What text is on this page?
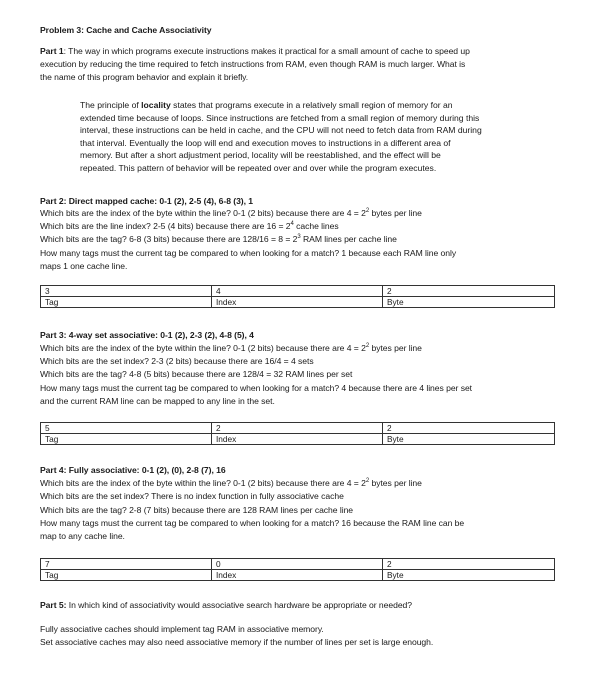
Problem 3: Cache and Cache Associativity
Part 1: The way in which programs execute instructions makes it practical for a small amount of cache to speed up
execution by reducing the time required to fetch instructions from RAM, even though RAM is much larger. What is
the name of this program behavior and explain it briefly.
The principle of locality states that programs execute in a relatively small region of memory for an
extended time because of loops. Since instructions are fetched from a small region of memory during this
interval, these instructions can be held in cache, and the CPU will not need to fetch data from RAM during
that interval. Eventually the loop will end and execution moves to instructions in a different area of
memory. But after a short adjustment period, locality will be reestablished, and the effect will be
repeated. This pattern of behavior will be repeated over and over while the program executes.
Part 2: Direct mapped cache: 0-1 (2), 2-5 (4), 6-8 (3), 1
Which bits are the index of the byte within the line? 0-1 (2 bits) because there are $4 = 2^2$ bytes per line
Which bits are the line index? 2-5 (4 bits) because there are $16 = 2^4$ cache lines
Which bits are the tag? 6-8 (3 bits) because there are $128/16 = 8 = 2^3$ RAM lines per cache line
How many tags must the current tag be compared to when looking for a match? 1 because each RAM line only
maps 1 one cache line.
3	4	2
Tag	Index	Byte
Part 3: 4-way set associative: 0-1 (2), 2-3 (2), 4-8 (5), 4
Which bits are the index of the byte within the line? 0-1 (2 bits) because there are $4 = 2^2$ bytes per line
Which bits are the set index? 2-3 (2 bits) because there are 16/4 = 4 sets
Which bits are the tag? 4-8 (5 bits) because there are 128/4 = 32 RAM lines per set
How many tags must the current tag be compared to when looking for a match? 4 because there are 4 lines per set
and the current RAM line can be mapped to any line in the set.
5	2	2
Tag	Index	Byte
Part 4: Fully associative: 0-1 (2), (0), 2-8 (7), 16
Which bits are the index of the byte within the line? 0-1 (2 bits) because there are $4 = 2^2$ bytes per line
Which bits are the set index? There is no index function in fully associative cache
Which bits are the tag? 2-8 (7 bits) because there are 128 RAM lines per cache line
How many tags must the current tag be compared to when looking for a match? 16 because the RAM line can be
map to any cache line.
7	0	2
Tag	Index	Byte
Part 5: In which kind of associativity would associative search hardware be appropriate or needed?
Fully associative caches should implement tag RAM in associative memory.
Set associative caches may also need associative memory if the number of lines per set is large enough.
